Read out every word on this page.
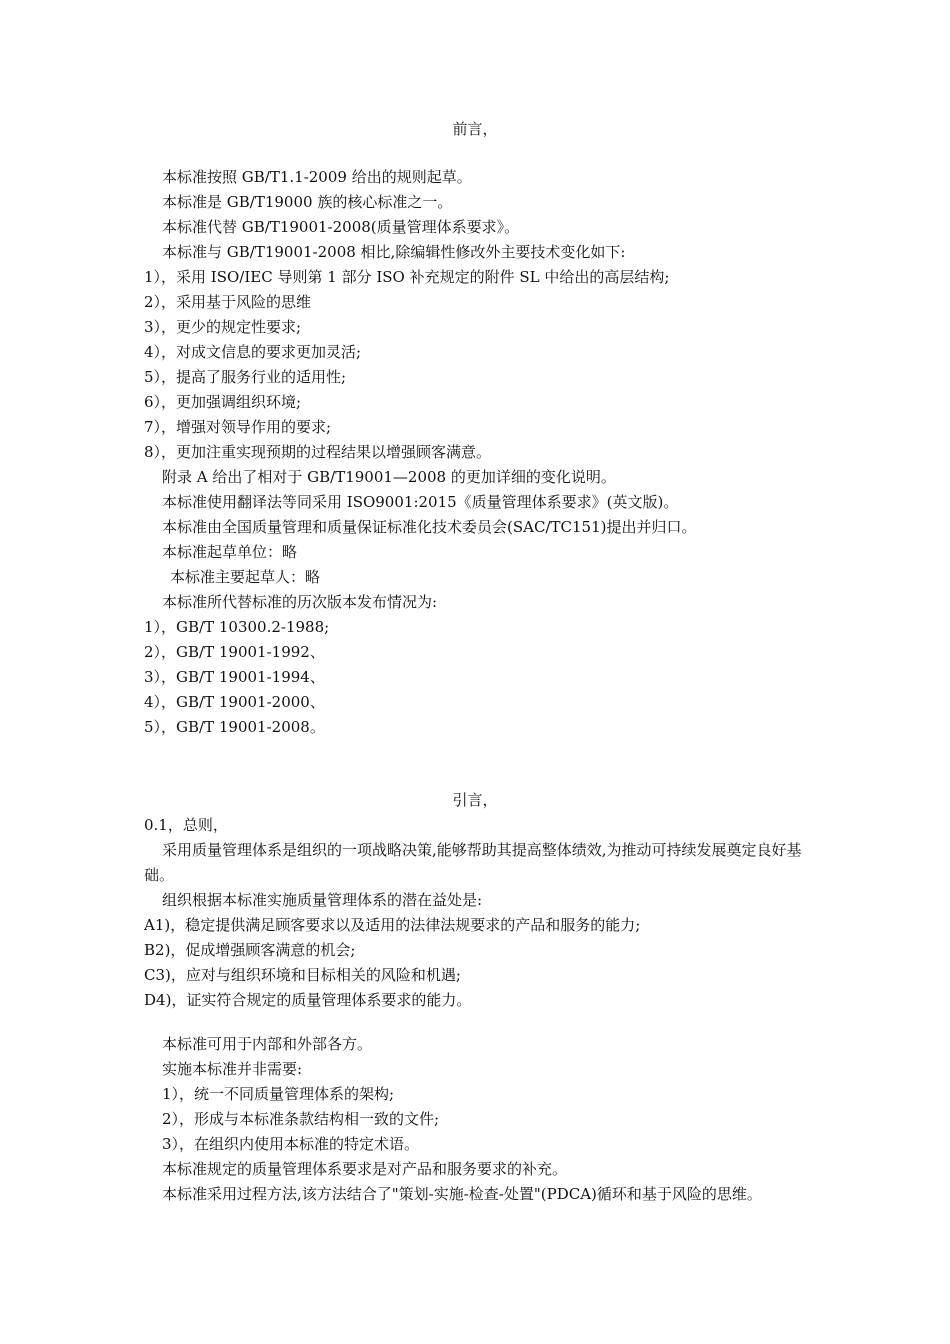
前言，
本标准按照 GB/T1.1-2009 给出的规则起草。
本标准是 GB/T19000 族的核心标准之一。
本标准代替 GB/T19001-2008(质量管理体系要求》。
本标准与 GB/T19001-2008 相比,除编辑性修改外主要技术变化如下:
1），采用 ISO/IEC 导则第 1 部分 ISO 补充规定的附件 SL 中给出的高层结构;
2），采用基于风险的思维
3），更少的规定性要求;
4），对成文信息的要求更加灵活;
5），提高了服务行业的适用性;
6），更加强调组织环境;
7），增强对领导作用的要求;
8），更加注重实现预期的过程结果以增强顾客满意。
附录 A 给出了相对于 GB/T19001—2008 的更加详细的变化说明。
本标准使用翻译法等同采用 ISO9001:2015《质量管理体系要求》(英文版)。
本标准由全国质量管理和质量保证标准化技术委员会(SAC/TC151)提出并归口。
本标准起草单位：略
本标准主要起草人：略
本标准所代替标准的历次版本发布情况为:
1），GB/T 10300.2-1988;
2），GB/T 19001-1992、
3），GB/T 19001-1994、
4），GB/T 19001-2000、
5），GB/T 19001-2008。
引言，
0.1，总则，
采用质量管理体系是组织的一项战略决策,能够帮助其提高整体绩效,为推动可持续发展奠定良好基础。
组织根据本标准实施质量管理体系的潜在益处是:
A1)，稳定提供满足顾客要求以及适用的法律法规要求的产品和服务的能力;
B2)，促成增强顾客满意的机会;
C3)，应对与组织环境和目标相关的风险和机遇;
D4)，证实符合规定的质量管理体系要求的能力。
本标准可用于内部和外部各方。
实施本标准并非需要:
1），统一不同质量管理体系的架构;
2），形成与本标准条款结构相一致的文件;
3），在组织内使用本标准的特定术语。
本标准规定的质量管理体系要求是对产品和服务要求的补充。
本标准采用过程方法,该方法结合了"策划-实施-检查-处置"(PDCA)循环和基于风险的思维。
